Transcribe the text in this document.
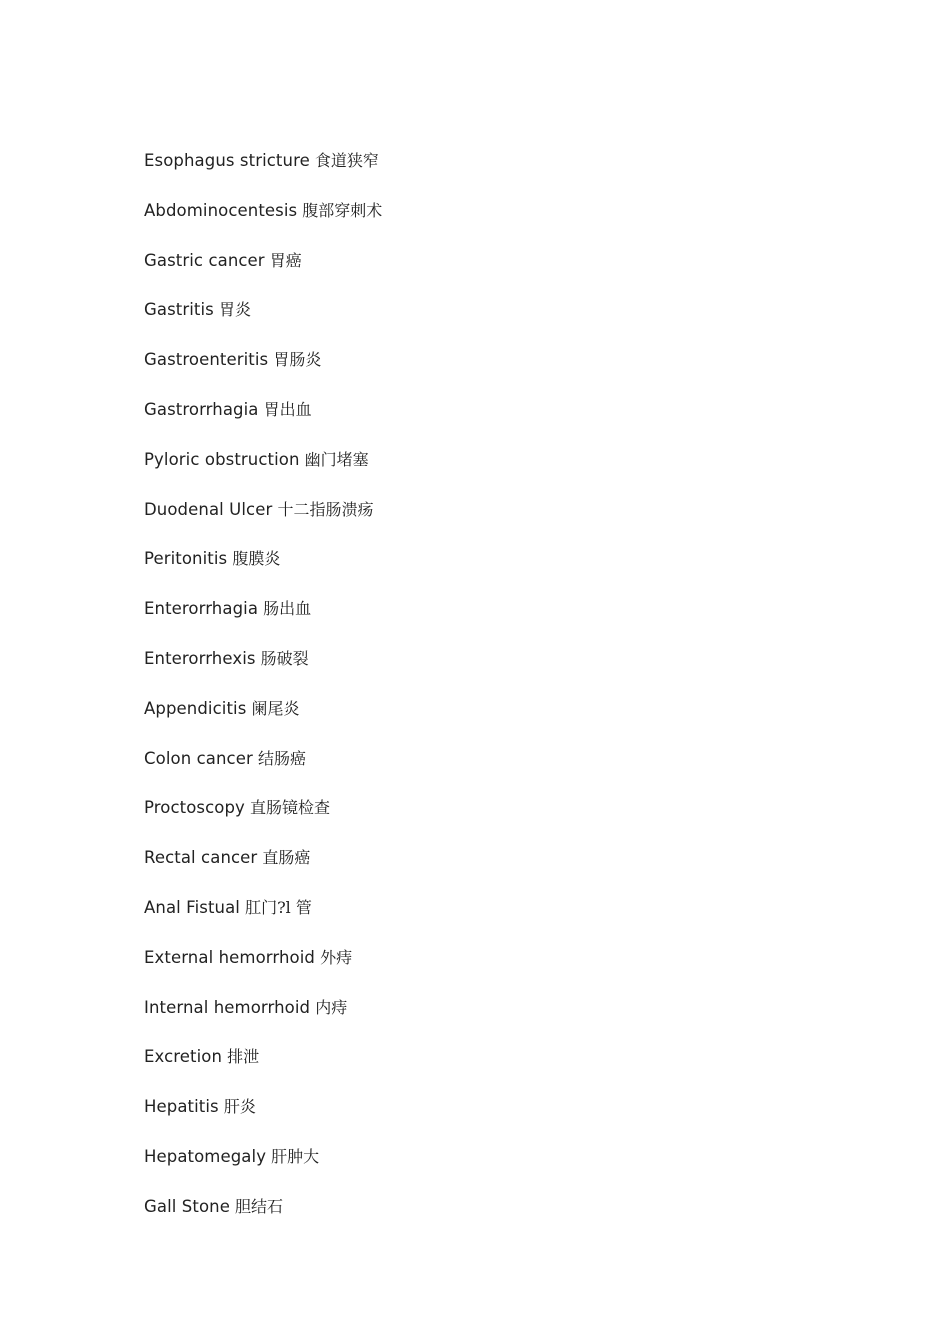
Esophagus stricture 食道狭窄
Abdominocentesis 腹部穿刺术
Gastric cancer 胃癌
Gastritis 胃炎
Gastroenteritis 胃肠炎
Gastrorrhagia 胃出血
Pyloric obstruction 幽门堵塞
Duodenal Ulcer 十二指肠溃疡
Peritonitis 腹膜炎
Enterorrhagia 肠出血
Enterorrhexis 肠破裂
Appendicitis 阑尾炎
Colon cancer 结肠癌
Proctoscopy 直肠镜检查
Rectal cancer 直肠癌
Anal Fistual 肛门?l 管
External hemorrhoid 外痔
Internal hemorrhoid 内痔
Excretion 排泄
Hepatitis 肝炎
Hepatomegaly 肝肿大
Gall Stone 胆结石
